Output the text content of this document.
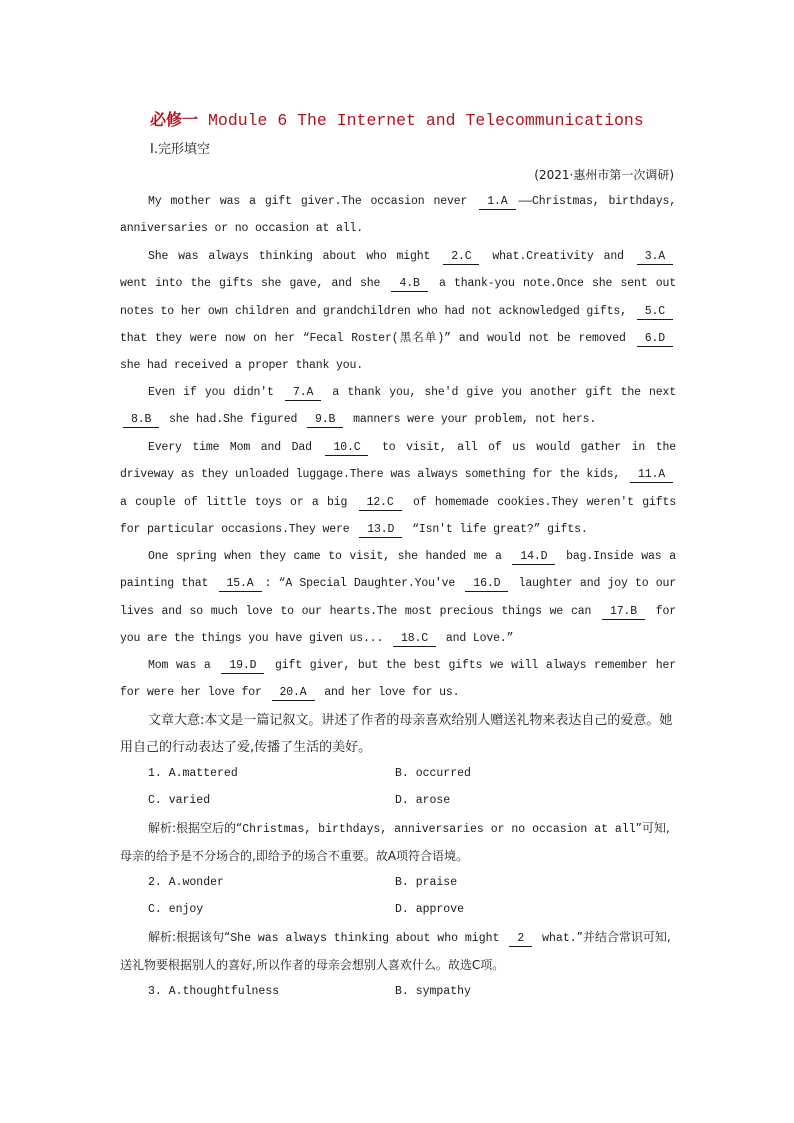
必修一 Module 6 The Internet and Telecommunications
Ⅰ.完形填空
(2021·惠州市第一次调研)
My mother was a gift giver.The occasion never 1.A ——Christmas, birthdays, anniversaries or no occasion at all.
She was always thinking about who might 2.C what.Creativity and 3.A went into the gifts she gave, and she 4.B a thank-you note.Once she sent out notes to her own children and grandchildren who had not acknowledged gifts, 5.C that they were now on her “Fecal Roster(黑名单)” and would not be removed 6.D she had received a proper thank you.
Even if you didn't 7.A a thank you, she'd give you another gift the next 8.B she had.She figured 9.B manners were your problem, not hers.
Every time Mom and Dad 10.C to visit, all of us would gather in the driveway as they unloaded luggage.There was always something for the kids, 11.A a couple of little toys or a big 12.C of homemade cookies.They weren't gifts for particular occasions.They were 13.D “Isn't life great?” gifts.
One spring when they came to visit, she handed me a 14.D bag.Inside was a painting that 15.A : “A Special Daughter.You've 16.D laughter and joy to our lives and so much love to our hearts.The most precious things we can 17.B for you are the things you have given us... 18.C and Love.”
Mom was a 19.D gift giver, but the best gifts we will always remember her for were her love for 20.A and her love for us.
文章大意:本文是一篇记叙文。讲述了作者的母亲喜欢给别人赠送礼物来表达自己的爱意。她用自己的行动表达了爱,传播了生活的美好。
1. A.mattered	B. occurred
C. varied	D. arose
解析:根据空后的“Christmas, birthdays, anniversaries or no occasion at all”可知,母亲的给予是不分场合的,即给予的场合不重要。故A项符合语境。
2. A.wonder	B. praise
C. enjoy	D. approve
解析:根据该句“She was always thinking about who might 2 what.”并结合常识可知,送礼物要根据别人的喜好,所以作者的母亲会想别人喜欢什么。故选C项。
3. A.thoughtfulness	B. sympathy
